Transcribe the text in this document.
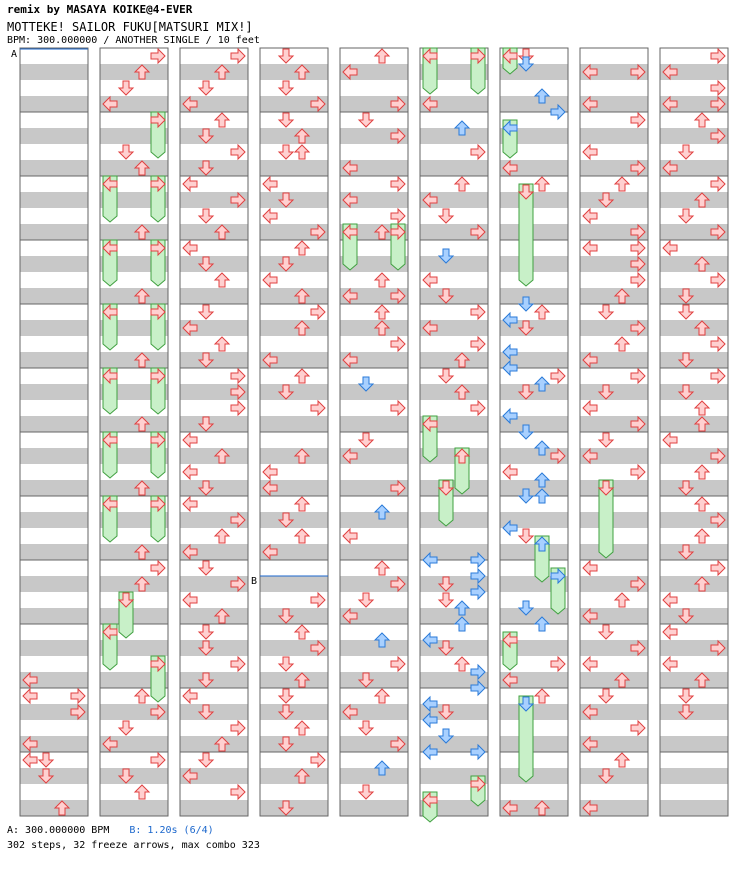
remix by MASAYA KOIKE@4-EVER
MOTTEKE! SAILOR FUKU[MATSURI MIX!]
BPM: 300.000000 / ANOTHER SINGLE / 10 feet
A
B
A: 300.000000 BPM B: 1.20s (6/4)
302 steps, 32 freeze arrows, max combo 323
